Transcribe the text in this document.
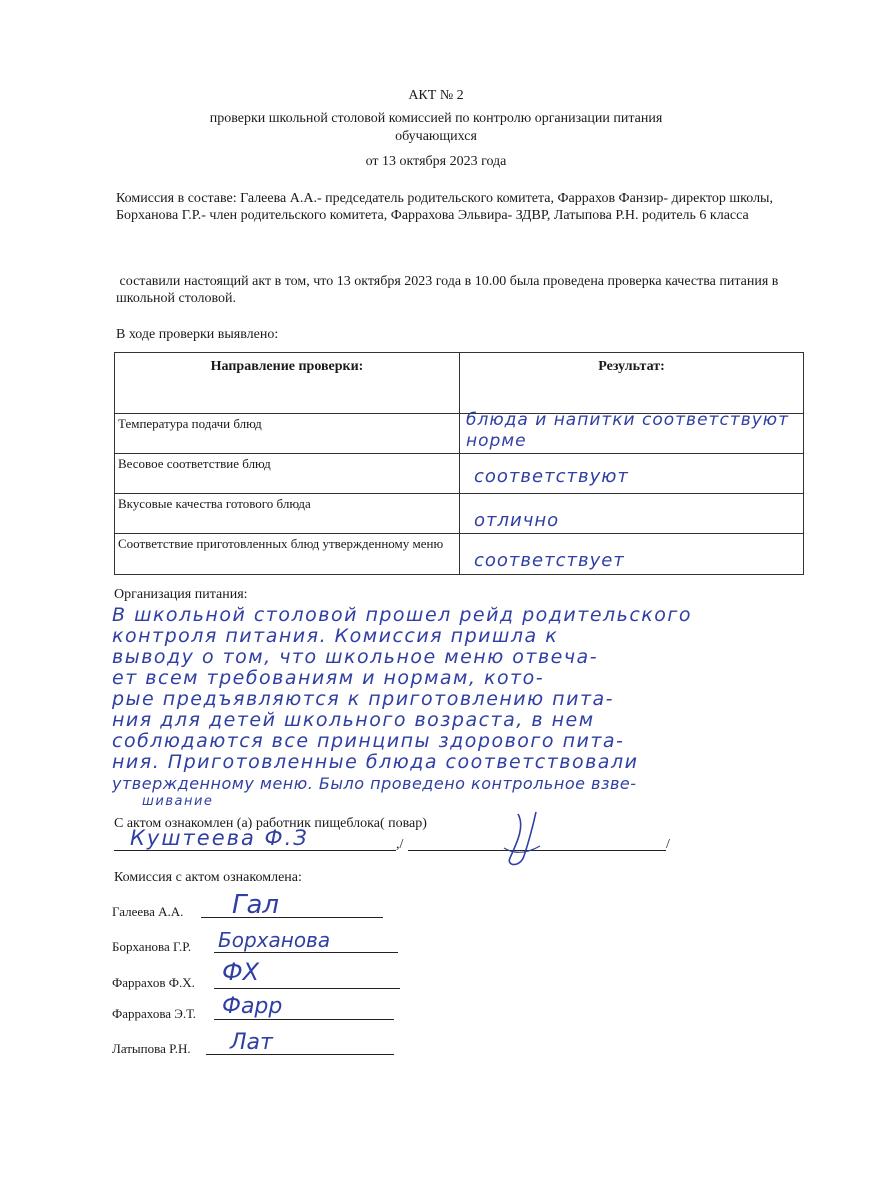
АКТ № 2
проверки школьной столовой комиссией по контролю организации питания
обучающихся
от 13 октября 2023 года
Комиссия в составе: Галеева А.А.- председатель родительского комитета, Фаррахов Фанзир- директор школы, Борханова Г.Р.- член родительского комитета, Фаррахова Эльвира- ЗДВР, Латыпова Р.Н. родитель 6 класса
составили настоящий акт в том, что 13 октября 2023 года в 10.00 была проведена проверка качества питания в школьной столовой.
В ходе проверки выявлено:
Направление проверки:	Результат:
Температура подачи блюд	блюда и напитки соответствуют норме

Весовое соответствие блюд	соответствуют

Вкусовые качества готового блюда	отлично

Соответствие приготовленных блюд утвержденному меню	соответствует
Организация питания:
В школьной столовой прошел рейд родительского
контроля питания. Комиссия пришла к
выводу о том, что школьное меню отвеча-
ет всем требованиям и нормам, кото-
рые предъявляются к приготовлению пита-
ния для детей школьного возраста, в нем
соблюдаются все принципы здорового пита-
ния. Приготовленные блюда соответствовали
утвержденному меню. Было проведено контрольное взве-
шивание
С актом ознакомлен (а) работник пищеблока( повар)
Куштеева Ф.З	,/	/
Комиссия с актом ознакомлена:
Галеева А.А. Гал
Борханова Г.Р. Борханова
Фаррахов Ф.Х. ФХ
Фаррахова Э.Т. Фарр
Латыпова Р.Н. Лат
